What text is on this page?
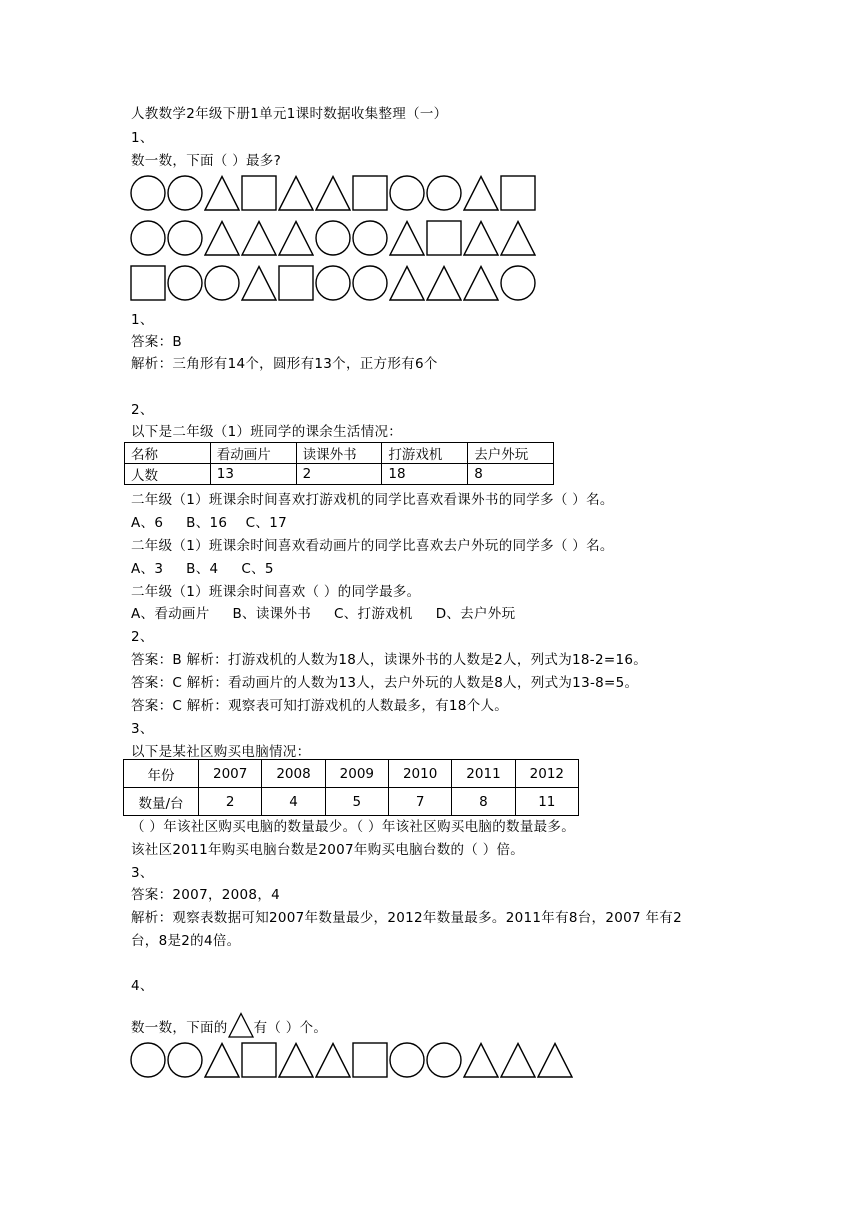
人教数学2年级下册1单元1课时数据收集整理（一）
1、
数一数，下面（ ）最多?
1、
答案：B
解析：三角形有14个，圆形有13个，正方形有6个
2、
以下是二年级（1）班同学的课余生活情况：
名称	看动画片	读课外书	打游戏机	去户外玩
人数	13	2	18	8
二年级（1）班课余时间喜欢打游戏机的同学比喜欢看课外书的同学多（ ）名。
A、6     B、16    C、17
二年级（1）班课余时间喜欢看动画片的同学比喜欢去户外玩的同学多（ ）名。
A、3     B、4     C、5
二年级（1）班课余时间喜欢（ ）的同学最多。
A、看动画片     B、读课外书     C、打游戏机     D、去户外玩
2、
答案：B 解析：打游戏机的人数为18人，读课外书的人数是2人，列式为18-2=16。
答案：C 解析：看动画片的人数为13人，去户外玩的人数是8人，列式为13-8=5。
答案：C 解析：观察表可知打游戏机的人数最多，有18个人。
3、
以下是某社区购买电脑情况：
年份	2007	2008	2009	2010	2011	2012
数量/台	2	4	5	7	8	11
（ ）年该社区购买电脑的数量最少。（ ）年该社区购买电脑的数量最多。
该社区2011年购买电脑台数是2007年购买电脑台数的（ ）倍。
3、
答案：2007，2008，4
解析：观察表数据可知2007年数量最少，2012年数量最多。2011年有8台，2007 年有2
台，8是2的4倍。
4、
数一数，下面的 有（ ）个。
